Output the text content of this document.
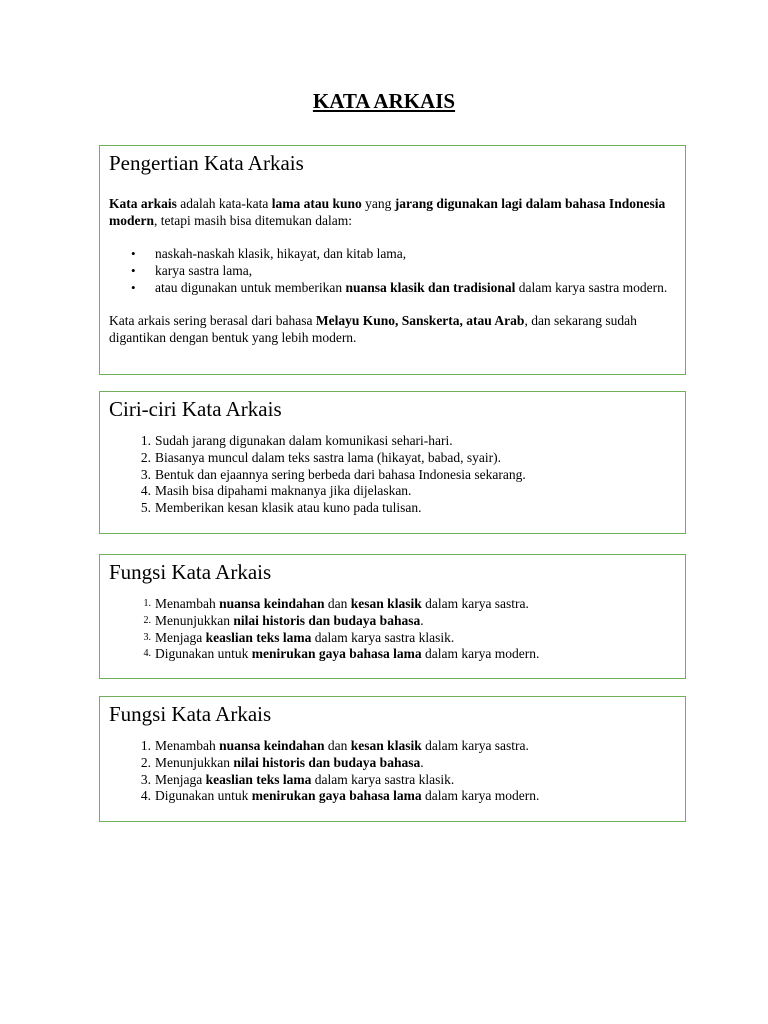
KATA ARKAIS
Pengertian Kata Arkais

Kata arkais adalah kata-kata lama atau kuno yang jarang digunakan lagi dalam bahasa Indonesia modern, tetapi masih bisa ditemukan dalam:

• naskah-naskah klasik, hikayat, dan kitab lama,
• karya sastra lama,
• atau digunakan untuk memberikan nuansa klasik dan tradisional dalam karya sastra modern.

Kata arkais sering berasal dari bahasa Melayu Kuno, Sanskerta, atau Arab, dan sekarang sudah digantikan dengan bentuk yang lebih modern.

Ciri-ciri Kata Arkais
1. Sudah jarang digunakan dalam komunikasi sehari-hari.
2. Biasanya muncul dalam teks sastra lama (hikayat, babad, syair).
3. Bentuk dan ejaannya sering berbeda dari bahasa Indonesia sekarang.
4. Masih bisa dipahami maknanya jika dijelaskan.
5. Memberikan kesan klasik atau kuno pada tulisan.
Fungsi Kata Arkais
1. Menambah nuansa keindahan dan kesan klasik dalam karya sastra.
2. Menunjukkan nilai historis dan budaya bahasa.
3. Menjaga keaslian teks lama dalam karya sastra klasik.
4. Digunakan untuk menirukan gaya bahasa lama dalam karya modern.
Fungsi Kata Arkais
1. Menambah nuansa keindahan dan kesan klasik dalam karya sastra.
2. Menunjukkan nilai historis dan budaya bahasa.
3. Menjaga keaslian teks lama dalam karya sastra klasik.
4. Digunakan untuk menirukan gaya bahasa lama dalam karya modern.
